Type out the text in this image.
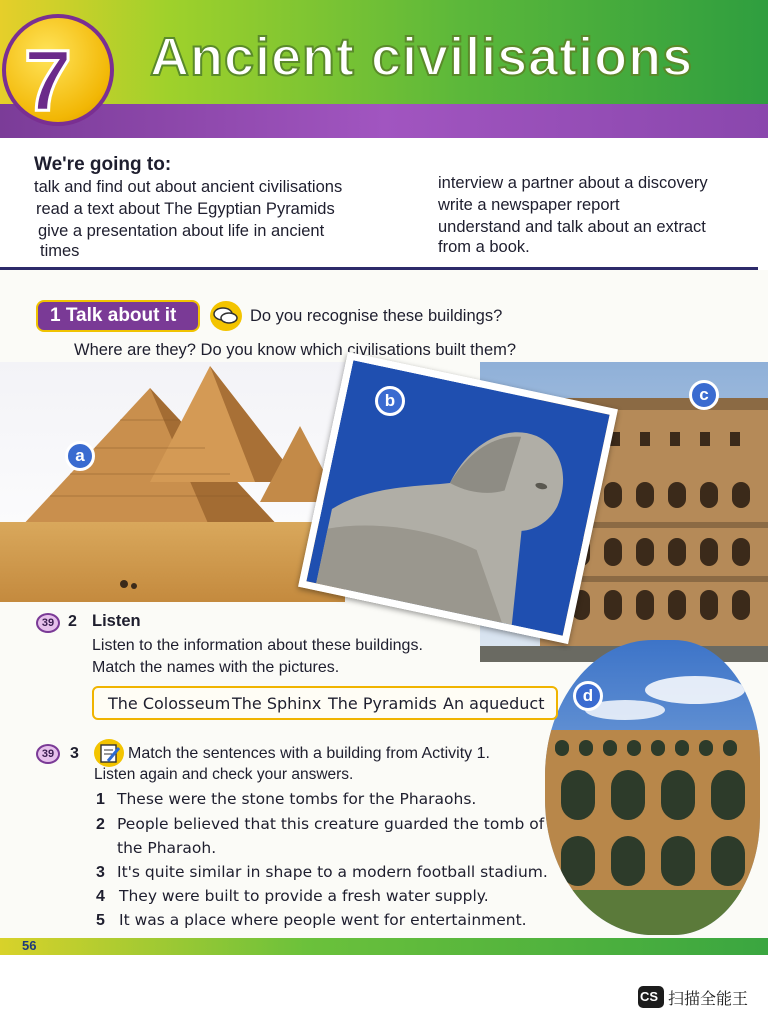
7 Ancient civilisations
We're going to:
talk and find out about ancient civilisations
read a text about The Egyptian Pyramids
give a presentation about life in ancient
times
interview a partner about a discovery
write a newspaper report
understand and talk about an extract
from a book.
1 Talk about it	Do you recognise these buildings?
Where are they? Do you know which civilisations built them?
a
b	c
d
39 2 Listen
Listen to the information about these buildings.
Match the names with the pictures.
The Colosseum The Sphinx The Pyramids An aqueduct
39 3	Match the sentences with a building from Activity 1.
Listen again and check your answers.
1 These were the stone tombs for the Pharaohs.
2 People believed that this creature guarded the tomb of
the Pharaoh.
3 It's quite similar in shape to a modern football stadium.
4 They were built to provide a fresh water supply.
5 It was a place where people went for entertainment.
56
CS 扫描全能王
